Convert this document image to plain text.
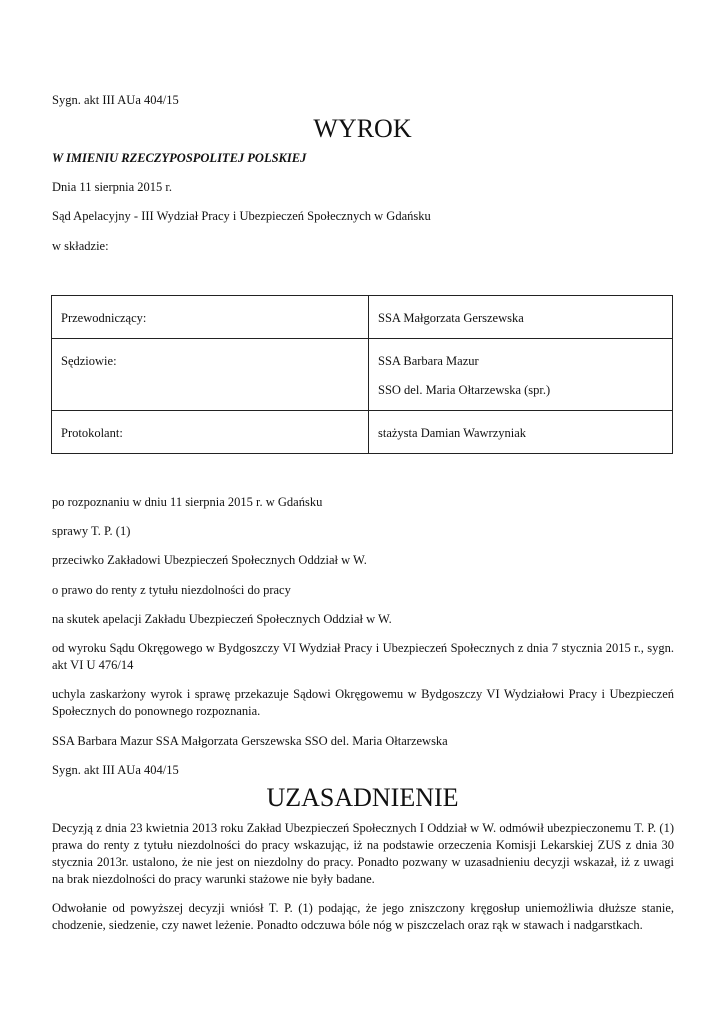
Sygn. akt III AUa 404/15

WYROK

W IMIENIU RZECZYPOSPOLITEJ POLSKIEJ

Dnia 11 sierpnia 2015 r.

Sąd Apelacyjny - III Wydział Pracy i Ubezpieczeń Społecznych w Gdańsku

w składzie:

Przewodniczący:	SSA Małgorzata Gerszewska

Sędziowie:	SSA Barbara Mazur
SSO del. Maria Ołtarzewska (spr.)

Protokolant:	stażysta Damian Wawrzyniak

po rozpoznaniu w dniu 11 sierpnia 2015 r. w Gdańsku

sprawy T. P. (1)

przeciwko Zakładowi Ubezpieczeń Społecznych Oddział w W.

o prawo do renty z tytułu niezdolności do pracy

na skutek apelacji Zakładu Ubezpieczeń Społecznych Oddział w W.

od wyroku Sądu Okręgowego w Bydgoszczy VI Wydział Pracy i Ubezpieczeń Społecznych z dnia 7 stycznia 2015 r., sygn. akt VI U 476/14

uchyla zaskarżony wyrok i sprawę przekazuje Sądowi Okręgowemu w Bydgoszczy VI Wydziałowi Pracy i Ubezpieczeń Społecznych do ponownego rozpoznania.

SSA Barbara Mazur SSA Małgorzata Gerszewska SSO del. Maria Ołtarzewska

Sygn. akt III AUa 404/15

UZASADNIENIE

Decyzją z dnia 23 kwietnia 2013 roku Zakład Ubezpieczeń Społecznych I Oddział w W. odmówił ubezpieczonemu T. P. (1) prawa do renty z tytułu niezdolności do pracy wskazując, iż na podstawie orzeczenia Komisji Lekarskiej ZUS z dnia 30 stycznia 2013r. ustalono, że nie jest on niezdolny do pracy. Ponadto pozwany w uzasadnieniu decyzji wskazał, iż z uwagi na brak niezdolności do pracy warunki stażowe nie były badane.

Odwołanie od powyższej decyzji wniósł T. P. (1) podając, że jego zniszczony kręgosłup uniemożliwia dłuższe stanie, chodzenie, siedzenie, czy nawet leżenie. Ponadto odczuwa bóle nóg w piszczelach oraz rąk w stawach i nadgarstkach.
